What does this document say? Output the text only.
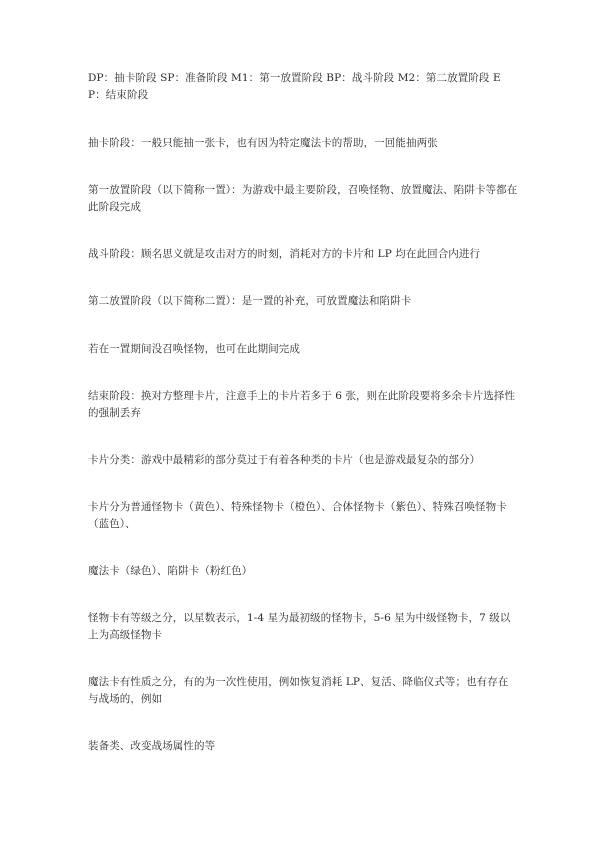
DP：抽卡阶段 SP：准备阶段 M1：第一放置阶段 BP：战斗阶段 M2：第二放置阶段 EP：结束阶段

抽卡阶段：一般只能抽一张卡，也有因为特定魔法卡的帮助，一回能抽两张

第一放置阶段（以下简称一置）：为游戏中最主要阶段，召唤怪物、放置魔法、陷阱卡等都在此阶段完成

战斗阶段：顾名思义就是攻击对方的时刻，消耗对方的卡片和 LP 均在此回合内进行

第二放置阶段（以下简称二置）：是一置的补充，可放置魔法和陷阱卡

若在一置期间没召唤怪物，也可在此期间完成

结束阶段：换对方整理卡片，注意手上的卡片若多于 6 张，则在此阶段要将多余卡片选择性的强制丢弃

卡片分类：游戏中最精彩的部分莫过于有着各种类的卡片（也是游戏最复杂的部分）

卡片分为普通怪物卡（黄色）、特殊怪物卡（橙色）、合体怪物卡（紫色）、特殊召唤怪物卡（蓝色）、

魔法卡（绿色）、陷阱卡（粉红色）

怪物卡有等级之分，以星数表示，1-4 星为最初级的怪物卡，5-6 星为中级怪物卡，7 级以上为高级怪物卡

魔法卡有性质之分，有的为一次性使用，例如恢复消耗 LP、复活、降临仪式等；也有存在与战场的，例如

装备类、改变战场属性的等
